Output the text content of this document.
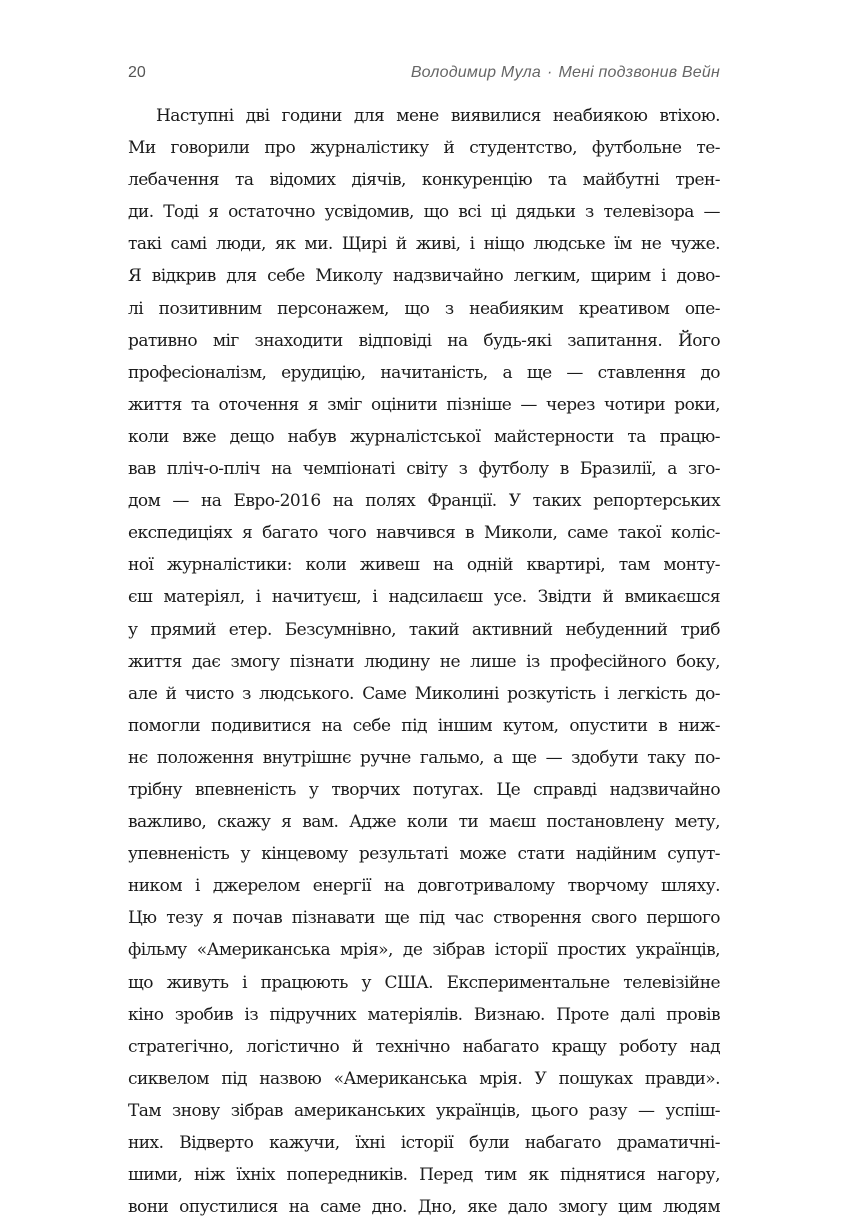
20	Володимир Мула · Мені подзвонив Вейн
Наступні дві години для мене виявилися неабиякою втіхою.
Ми говорили про журналістику й студентство, футбольне те-
лебачення та відомих діячів, конкуренцію та майбутні трен-
ди. Тоді я остаточно усвідомив, що всі ці дядьки з телевізора —
такі самі люди, як ми. Щирі й живі, і ніщо людське їм не чуже.
Я відкрив для себе Миколу надзвичайно легким, щирим і дово-
лі позитивним персонажем, що з неабияким креативом опе-
ративно міг знаходити відповіді на будь-які запитання. Його
професіоналізм, ерудицію, начитаність, а ще — ставлення до
життя та оточення я зміг оцінити пізніше — через чотири роки,
коли вже дещо набув журналістської майстерности та працю-
вав пліч-о-пліч на чемпіонаті світу з футболу в Бразилії, а зго-
дом — на Евро-2016 на полях Франції. У таких репортерських
експедиціях я багато чого навчився в Миколи, саме такої коліс-
ної журналістики: коли живеш на одній квартирі, там монту-
єш матеріял, і начитуєш, і надсилаєш усе. Звідти й вмикаєшся
у прямий етер. Безсумнівно, такий активний небуденний триб
життя дає змогу пізнати людину не лише із професійного боку,
але й чисто з людського. Саме Миколині розкутість і легкість до-
помогли подивитися на себе під іншим кутом, опустити в ниж-
нє положення внутрішнє ручне гальмо, а ще — здобути таку по-
трібну впевненість у творчих потугах. Це справді надзвичайно
важливо, скажу я вам. Адже коли ти маєш постановлену мету,
упевненість у кінцевому результаті може стати надійним супут-
ником і джерелом енергії на довготривалому творчому шляху.
Цю тезу я почав пізнавати ще під час створення свого першого
фільму «Американська мрія», де зібрав історії простих українців,
що живуть і працюють у США. Експериментальне телевізійне
кіно зробив із підручних матеріялів. Визнаю. Проте далі провів
стратегічно, логістично й технічно набагато кращу роботу над
сиквелом під назвою «Американська мрія. У пошуках правди».
Там знову зібрав американських українців, цього разу — успіш-
них. Відверто кажучи, їхні історії були набагато драматичні-
шими, ніж їхніх попередників. Перед тим як піднятися нагору,
вони опустилися на саме дно. Дно, яке дало змогу цим людям
